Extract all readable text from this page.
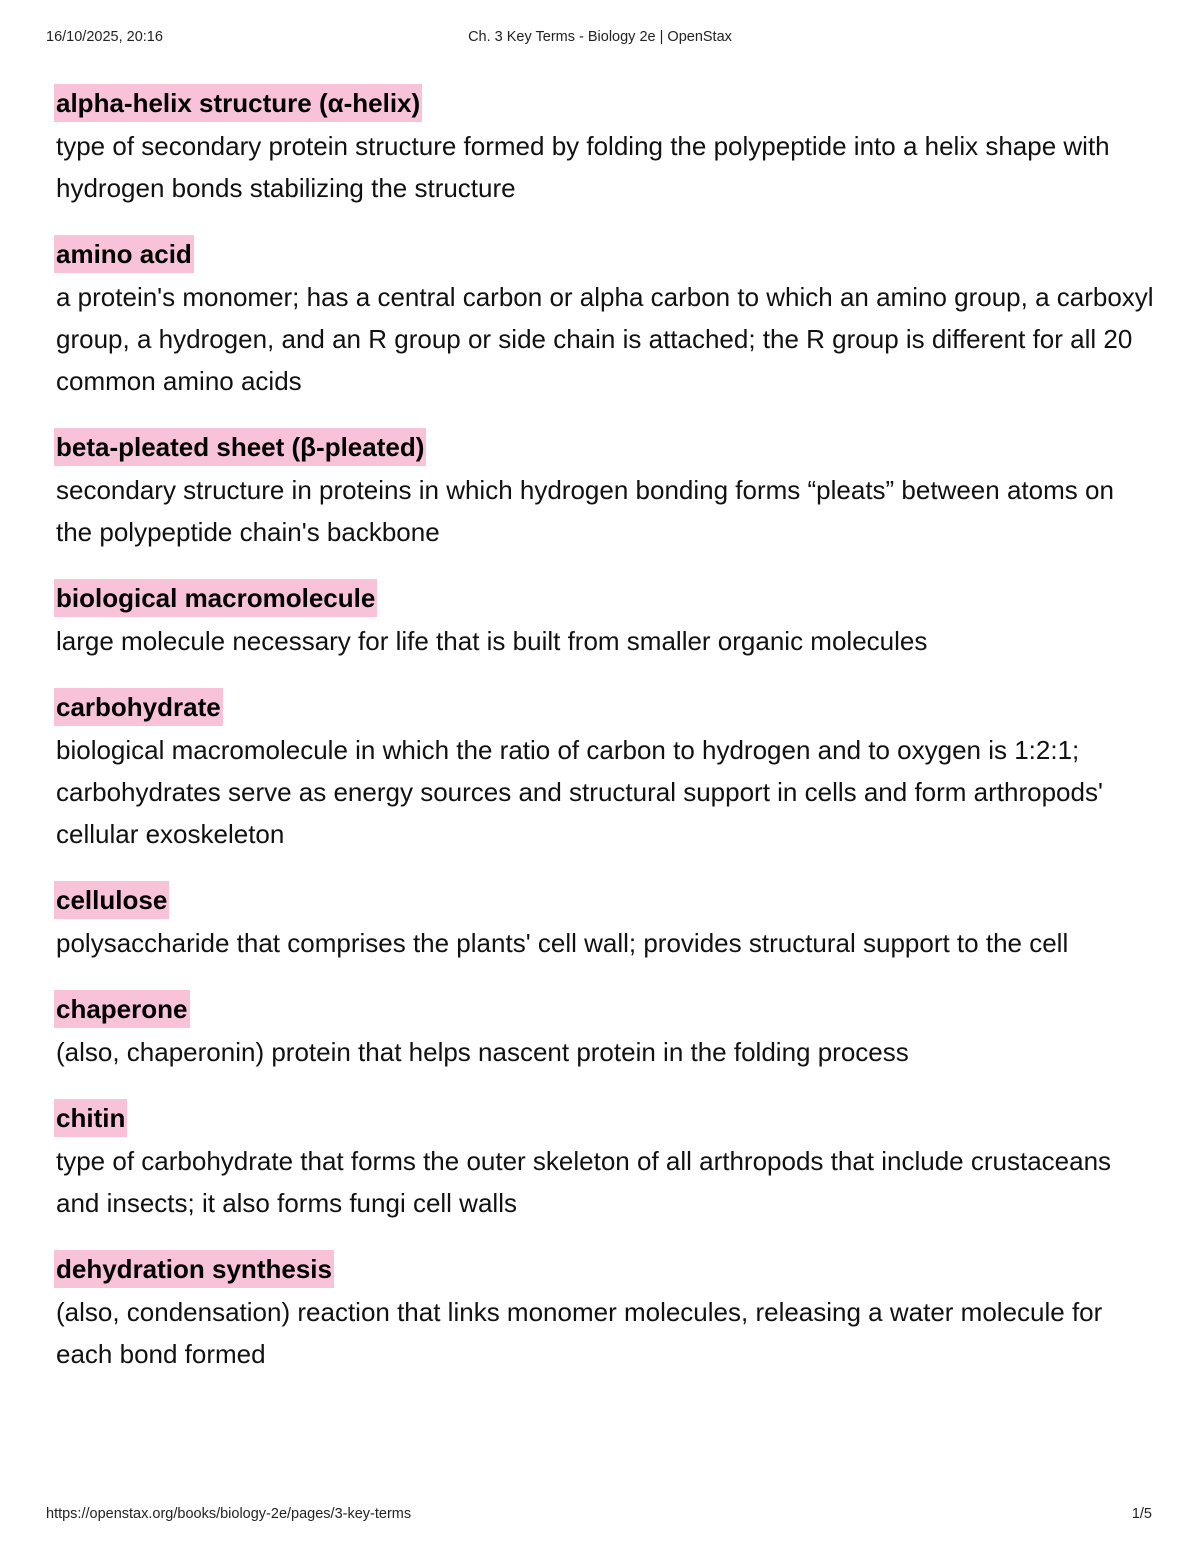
16/10/2025, 20:16	Ch. 3 Key Terms - Biology 2e | OpenStax
alpha-helix structure (α-helix)
type of secondary protein structure formed by folding the polypeptide into a helix shape with hydrogen bonds stabilizing the structure
amino acid
a protein's monomer; has a central carbon or alpha carbon to which an amino group, a carboxyl group, a hydrogen, and an R group or side chain is attached; the R group is different for all 20 common amino acids
beta-pleated sheet (β-pleated)
secondary structure in proteins in which hydrogen bonding forms “pleats” between atoms on the polypeptide chain's backbone
biological macromolecule
large molecule necessary for life that is built from smaller organic molecules
carbohydrate
biological macromolecule in which the ratio of carbon to hydrogen and to oxygen is 1:2:1; carbohydrates serve as energy sources and structural support in cells and form arthropods' cellular exoskeleton
cellulose
polysaccharide that comprises the plants' cell wall; provides structural support to the cell
chaperone
(also, chaperonin) protein that helps nascent protein in the folding process
chitin
type of carbohydrate that forms the outer skeleton of all arthropods that include crustaceans and insects; it also forms fungi cell walls
dehydration synthesis
(also, condensation) reaction that links monomer molecules, releasing a water molecule for each bond formed
https://openstax.org/books/biology-2e/pages/3-key-terms	1/5
